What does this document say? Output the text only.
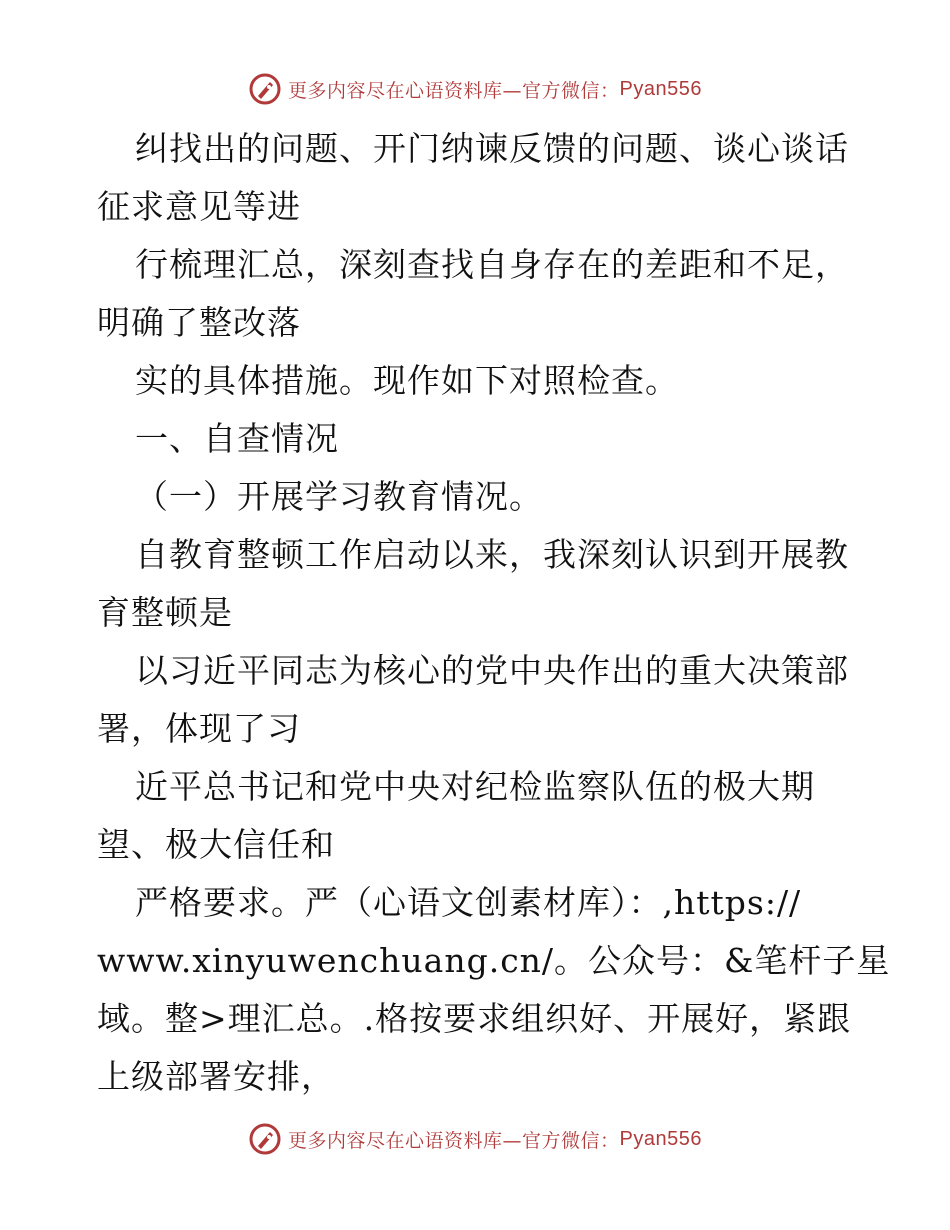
更多内容尽在心语资料库—官方微信： Pyan556
纠找出的问题、开门纳谏反馈的问题、谈心谈话
征求意见等进
行梳理汇总，深刻查找自身存在的差距和不足，
明确了整改落
实的具体措施。现作如下对照检查。
一、自查情况
（一）开展学习教育情况。
自教育整顿工作启动以来，我深刻认识到开展教
育整顿是
以习近平同志为核心的党中央作出的重大决策部
署，体现了习
近平总书记和党中央对纪检监察队伍的极大期
望、极大信任和
严格要求。严（心语文创素材库）：,https://
www.xinyuwenchuang.cn/。公众号：&笔杆子星
域。整>理汇总。.格按要求组织好、开展好，紧跟
上级部署安排，
更多内容尽在心语资料库—官方微信： Pyan556
